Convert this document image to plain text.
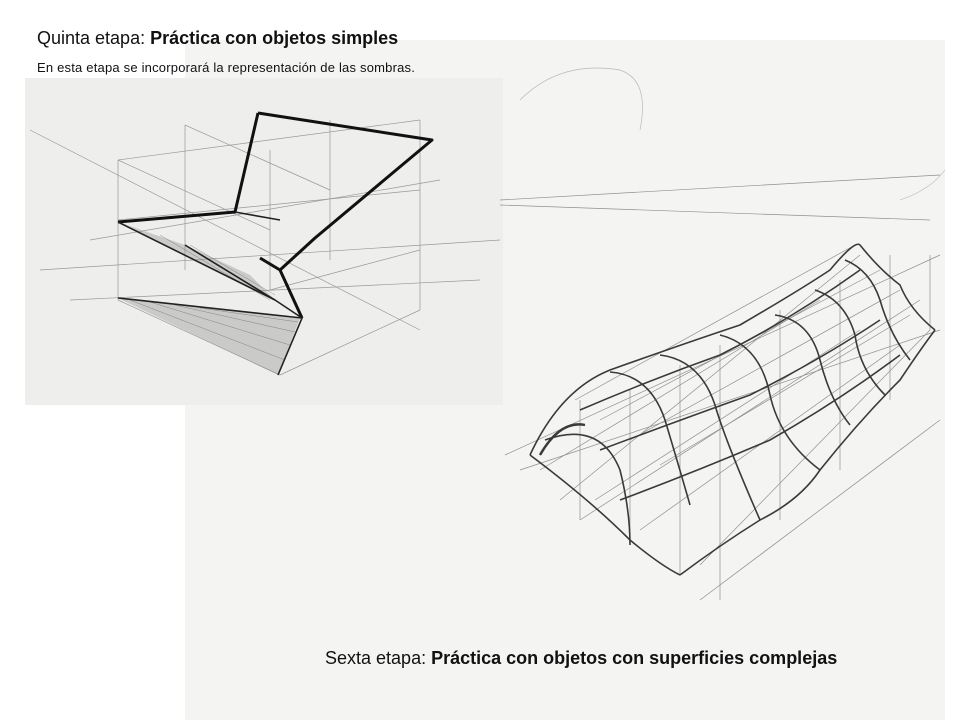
Quinta etapa: Práctica con objetos simples
En esta etapa se incorporará la representación de las sombras.
Sexta etapa: Práctica con objetos con superficies complejas
